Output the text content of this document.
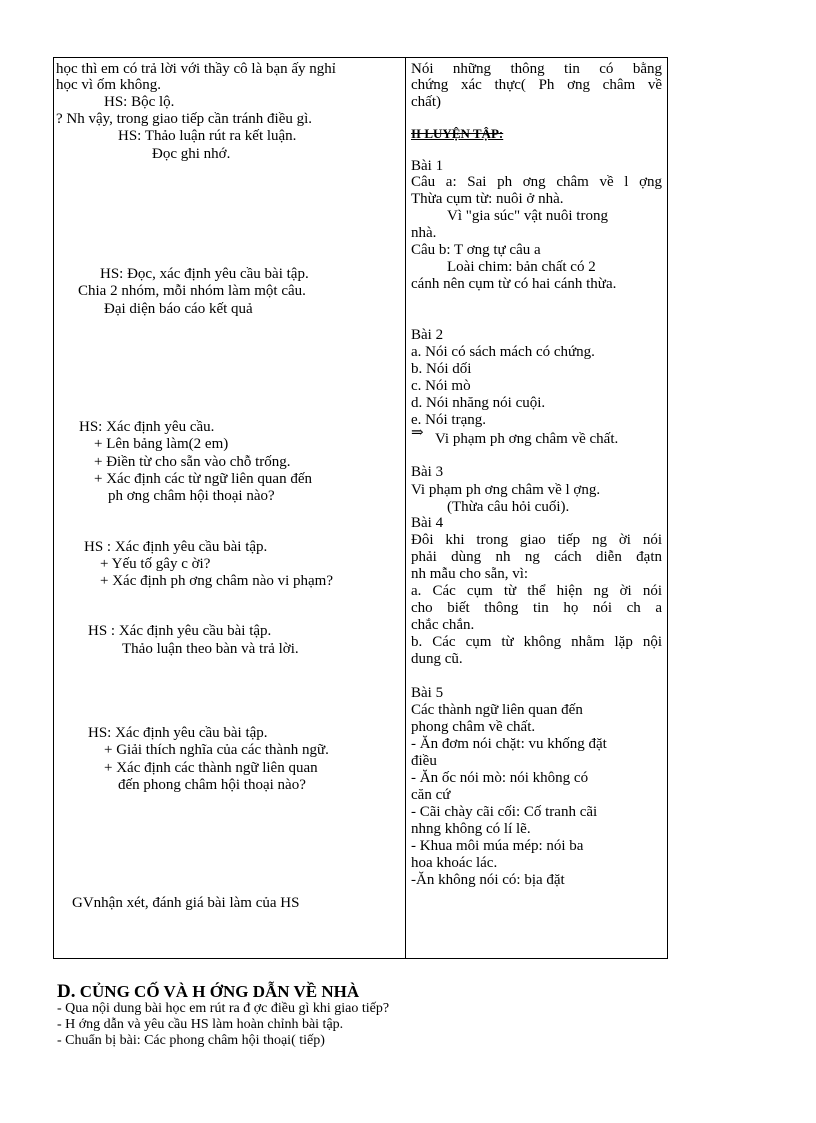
học thì em có trả lời với thầy cô là bạn ấy nghỉ
học vì ốm không.
HS: Bộc lộ.
? Nh vậy, trong giao tiếp cần tránh điều gì.
HS: Thảo luận rút ra kết luận.
Đọc ghi nhớ.
HS: Đọc, xác định yêu cầu bài tập.
Chia 2 nhóm, mỗi nhóm làm một câu.
Đại diện báo cáo kết quả
HS: Xác định yêu cầu.
+ Lên bảng làm(2 em)
+ Điền từ cho sẵn vào chỗ trống.
+ Xác định các từ ngữ liên quan đến
ph ơng châm hội thoại nào?
HS : Xác định yêu cầu bài tập.
+ Yếu tố gây c ời?
+ Xác định ph ơng châm nào vi phạm?
HS : Xác định yêu cầu bài tập.
Thảo luận theo bàn và trả lời.
HS: Xác định yêu cầu bài tập.
+ Giải thích nghĩa của các thành ngữ.
+ Xác định các thành ngữ liên quan
đến phong châm hội thoại nào?
GVnhận xét, đánh giá bài làm của HS
Nói những thông tin có bằng
chứng xác thực( Ph ơng châm về
chất)
II LUYỆN TẬP:
Bài 1
Câu a: Sai ph ơng châm về l ợng
Thừa cụm từ: nuôi ở nhà.
Vì "gia súc" vật nuôi trong
nhà.
Câu b: T ơng tự câu a
Loài chim: bản chất có 2
cánh nên cụm từ có hai cánh thừa.
Bài 2
a. Nói có sách mách có chứng.
b. Nói dối
c. Nói mò
d. Nói nhăng nói cuội.
e. Nói trạng.
⇒ Vi phạm ph ơng châm về chất.
Bài 3
Vi phạm ph ơng châm về l ợng.
(Thừa câu hỏi cuối).
Bài 4
Đôi khi trong giao tiếp ng ời nói
phải dùng nh ng cách diễn đạtn
nh mẫu cho sẵn, vì:
a. Các cụm từ thể hiện ng ời nói
cho biết thông tin họ nói ch a
chắc chắn.
b. Các cụm từ không nhằm lặp nội
dung cũ.
Bài 5
Các thành ngữ liên quan đến
phong châm về chất.
- Ăn đơm nói chặt: vu khống đặt
điều
- Ăn ốc nói mò: nói không có
căn cứ
- Cãi chày cãi cối: Cố tranh cãi
nhng không có lí lẽ.
- Khua môi múa mép: nói ba
hoa khoác lác.
-Ăn không nói có: bịa đặt
D. CỦNG CỐ VÀ H ỚNG DẪN VỀ NHÀ
- Qua nội dung bài học em rút ra đ ợc điều gì khi giao tiếp?
- H ớng dẫn và yêu cầu HS làm hoàn chỉnh bài tập.
- Chuẩn bị bài: Các phong châm hội thoại( tiếp)
